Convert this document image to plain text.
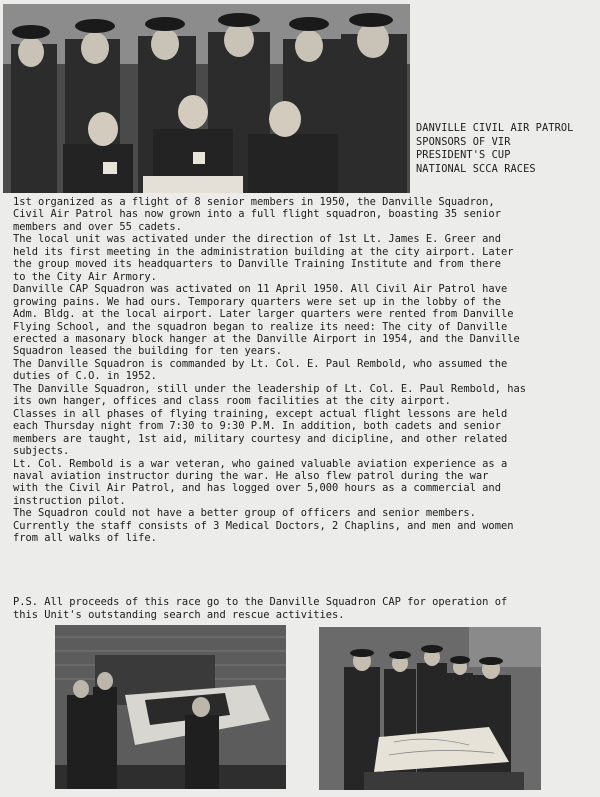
DANVILLE CIVIL AIR PATROL
SPONSORS OF VIR
PRESIDENT'S CUP
NATIONAL SCCA RACES
1st organized as a flight of 8 senior members in 1950, the Danville Squadron,
Civil Air Patrol has now grown into a full flight squadron, boasting 35 senior
members and over 55 cadets.
The local unit was activated under the direction of 1st Lt. James E. Greer and
held its first meeting in the administration building at the city airport. Later
the group moved its headquarters to Danville Training Institute and from there
to the City Air Armory.
Danville CAP Squadron was activated on 11 April 1950. All Civil Air Patrol have
growing pains. We had ours. Temporary quarters were set up in the lobby of the
Adm. Bldg. at the local airport. Later larger quarters were rented from Danville
Flying School, and the squadron began to realize its need: The city of Danville
erected a masonary block hanger at the Danville Airport in 1954, and the Danville
Squadron leased the building for ten years.
The Danville Squadron is commanded by Lt. Col. E. Paul Rembold, who assumed the
duties of C.O. in 1952.
The Danville Squadron, still under the leadership of Lt. Col. E. Paul Rembold, has
its own hanger, offices and class room facilities at the city airport.
Classes in all phases of flying training, except actual flight lessons are held
each Thursday night from 7:30 to 9:30 P.M. In addition, both cadets and senior
members are taught, 1st aid, military courtesy and dicipline, and other related
subjects.
Lt. Col. Rembold is a war veteran, who gained valuable aviation experience as a
naval aviation instructor during the war. He also flew patrol during the war
with the Civil Air Patrol, and has logged over 5,000 hours as a commercial and
instruction pilot.
The Squadron could not have a better group of officers and senior members.
Currently the staff consists of 3 Medical Doctors, 2 Chaplins, and men and women
from all walks of life.
P.S. All proceeds of this race go to the Danville Squadron CAP for operation of
this Unit's outstanding search and rescue activities.
